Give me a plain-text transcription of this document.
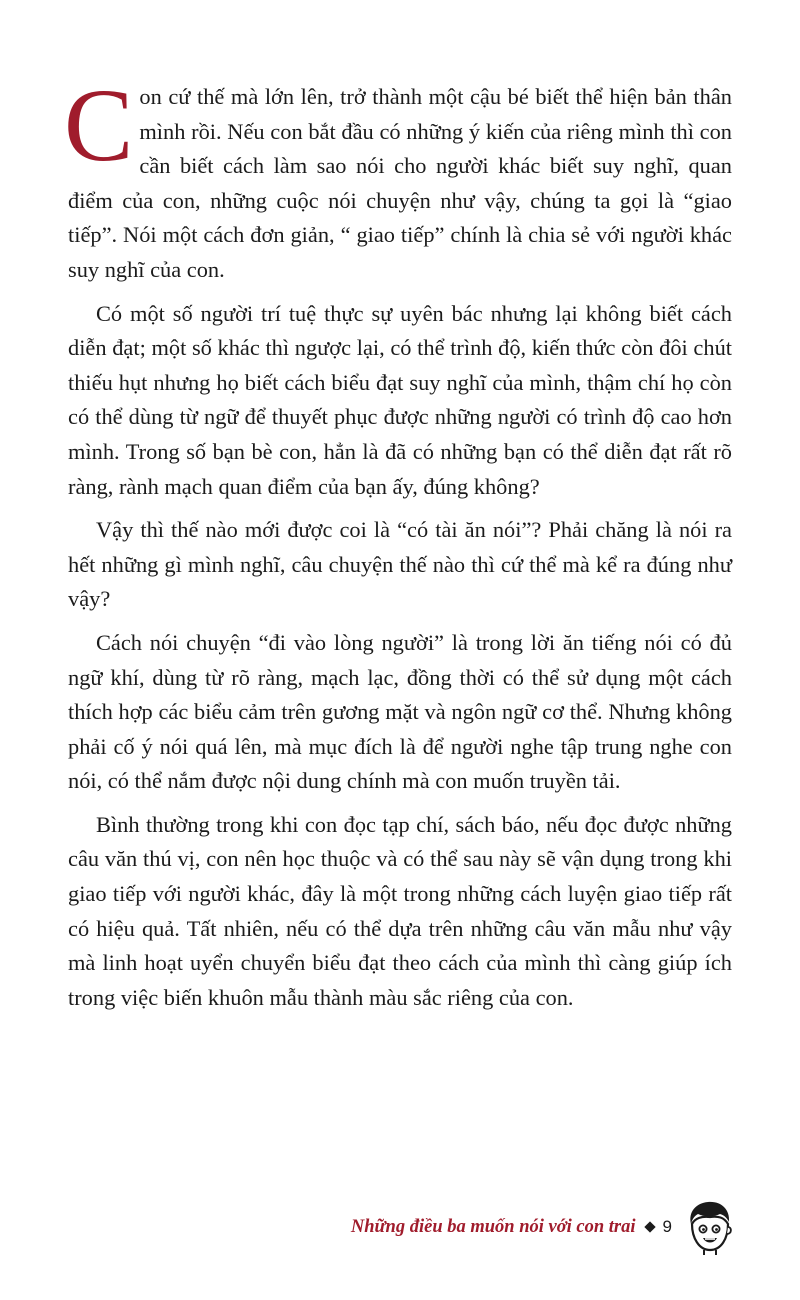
Con cứ thế mà lớn lên, trở thành một cậu bé biết thể hiện bản thân mình rồi. Nếu con bắt đầu có những ý kiến của riêng mình thì con cần biết cách làm sao nói cho người khác biết suy nghĩ, quan điểm của con, những cuộc nói chuyện như vậy, chúng ta gọi là “giao tiếp”. Nói một cách đơn giản, “ giao tiếp” chính là chia sẻ với người khác suy nghĩ của con.

Có một số người trí tuệ thực sự uyên bác nhưng lại không biết cách diễn đạt; một số khác thì ngược lại, có thể trình độ, kiến thức còn đôi chút thiếu hụt nhưng họ biết cách biểu đạt suy nghĩ của mình, thậm chí họ còn có thể dùng từ ngữ để thuyết phục được những người có trình độ cao hơn mình. Trong số bạn bè con, hẳn là đã có những bạn có thể diễn đạt rất rõ ràng, rành mạch quan điểm của bạn ấy, đúng không?

Vậy thì thế nào mới được coi là “có tài ăn nói”? Phải chăng là nói ra hết những gì mình nghĩ, câu chuyện thế nào thì cứ thể mà kể ra đúng như vậy?

Cách nói chuyện “đi vào lòng người” là trong lời ăn tiếng nói có đủ ngữ khí, dùng từ rõ ràng, mạch lạc, đồng thời có thể sử dụng một cách thích hợp các biểu cảm trên gương mặt và ngôn ngữ cơ thể. Nhưng không phải cố ý nói quá lên, mà mục đích là để người nghe tập trung nghe con nói, có thể nắm được nội dung chính mà con muốn truyền tải.

Bình thường trong khi con đọc tạp chí, sách báo, nếu đọc được những câu văn thú vị, con nên học thuộc và có thể sau này sẽ vận dụng trong khi giao tiếp với người khác, đây là một trong những cách luyện giao tiếp rất có hiệu quả. Tất nhiên, nếu có thể dựa trên những câu văn mẫu như vậy mà linh hoạt uyển chuyển biểu đạt theo cách của mình thì càng giúp ích trong việc biến khuôn mẫu thành màu sắc riêng của con.

Những điều ba muốn nói với con trai 9
